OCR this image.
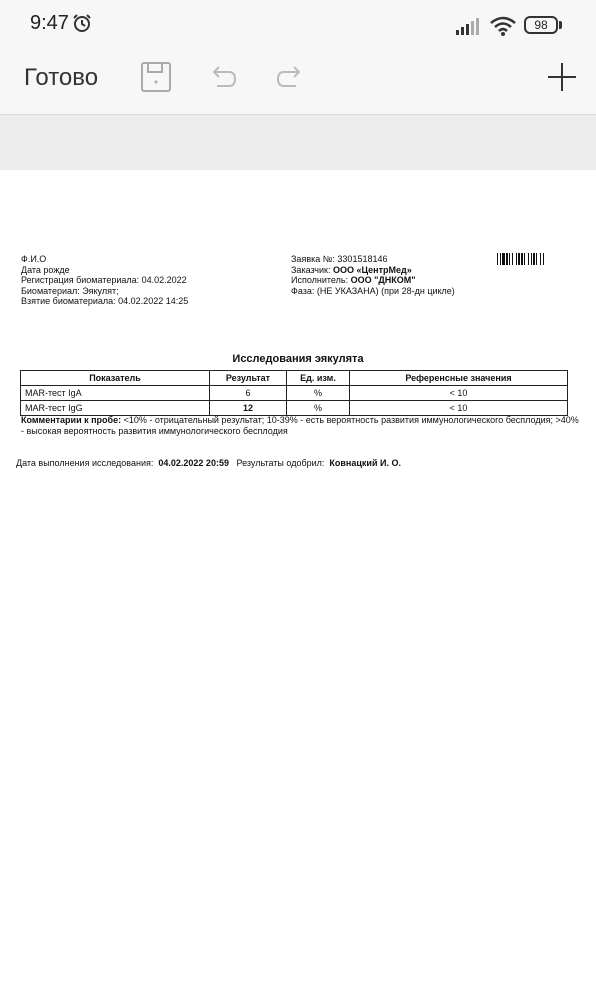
9:47	98
Готово
Ф.И.О
Дата рожде
Регистрация биоматериала: 04.02.2022
Биоматериал: Эякулят;
Взятие биоматериала: 04.02.2022 14:25
Заявка №: 3301518146
Заказчик: ООО «ЦентрМед»
Исполнитель: ООО "ДНКОМ"
Фаза: (НЕ УКАЗАНА) (при 28-дн цикле)
Исследования эякулята
Показатель	Результат	Ед. изм.	Референсные значения
MAR-тест IgA	6	%	< 10
MAR-тест IgG	12	%	< 10
Комментарии к пробе: <10% - отрицательный результат; 10-39% - есть вероятность развития иммунологического бесплодия; >40% - высокая вероятность развития иммунологического бесплодия
Дата выполнения исследования: 04.02.2022 20:59 Результаты одобрил: Ковнацкий И. О.
